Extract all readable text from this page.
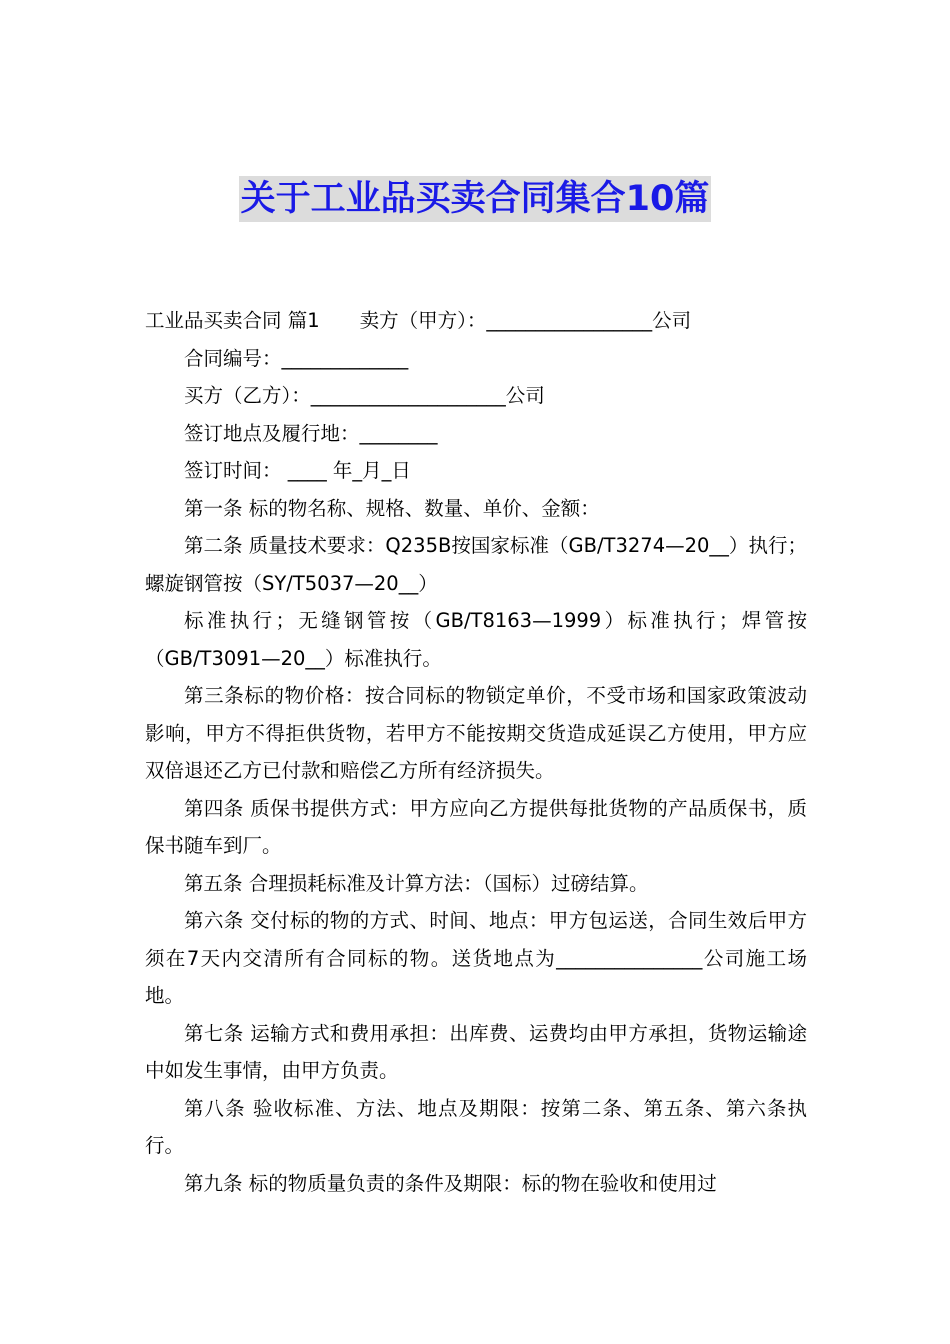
关于工业品买卖合同集合10篇

工业品买卖合同 篇1 卖方（甲方）：_________________公司

合同编号：_____________

买方（乙方）：____________________公司

签订地点及履行地：________

签订时间： ____ 年_月_日

第一条 标的物名称、规格、数量、单价、金额：

第二条 质量技术要求：Q235B按国家标准（GB/T3274—20__）执行；螺旋钢管按（SY/T5037—20__）

标准执行；无缝钢管按（GB/T8163—1999）标准执行；焊管按（GB/T3091—20__）标准执行。

第三条标的物价格：按合同标的物锁定单价，不受市场和国家政策波动影响，甲方不得拒供货物，若甲方不能按期交货造成延误乙方使用，甲方应双倍退还乙方已付款和赔偿乙方所有经济损失。

第四条 质保书提供方式：甲方应向乙方提供每批货物的产品质保书，质保书随车到厂。

第五条 合理损耗标准及计算方法：（国标）过磅结算。

第六条 交付标的物的方式、时间、地点：甲方包运送，合同生效后甲方须在7天内交清所有合同标的物。送货地点为_______________公司施工场地。

第七条 运输方式和费用承担：出库费、运费均由甲方承担，货物运输途中如发生事情，由甲方负责。

第八条 验收标准、方法、地点及期限：按第二条、第五条、第六条执行。

第九条 标的物质量负责的条件及期限：标的物在验收和使用过
